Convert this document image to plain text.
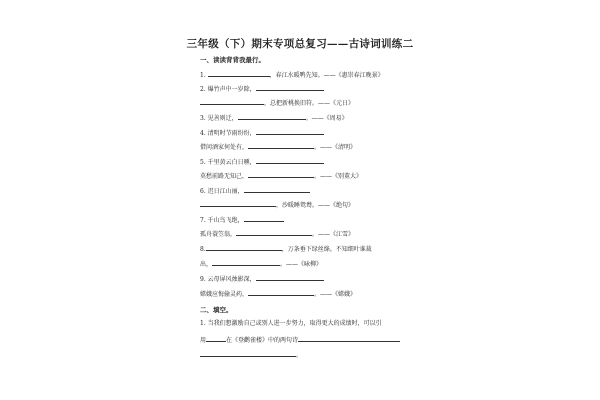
三年级（下）期末专项总复习——古诗词训练二
一、读读背背我最行。
1.	，春江水暖鸭先知。——《惠崇春江晚景》
2. 爆竹声中一岁除，
，总把新桃换旧符。——《元日》
3. 见善则迁，	。——《周易》
4. 清明时节雨纷纷，
借问酒家何处有，	。——《清明》
5. 千里黄云白日曛，
莫愁前路无知己，	。——《别董大》
6. 迟日江山丽，
，沙暖睡鸳鸯。——《绝句》
7. 千山鸟飞绝，
孤舟蓑笠翁，	。——《江雪》
8.	，万条垂下绿丝绦。不知细叶谁裁
出，	。——《咏柳》
9. 云母屏风烛影深，
嫦娥应悔偷灵药，	。——《嫦娥》
二、填空。
1. 当我们想激励自己或别人进一步努力，取得更大的成绩时，可以引
用	在《登鹳雀楼》中的两句诗
。
